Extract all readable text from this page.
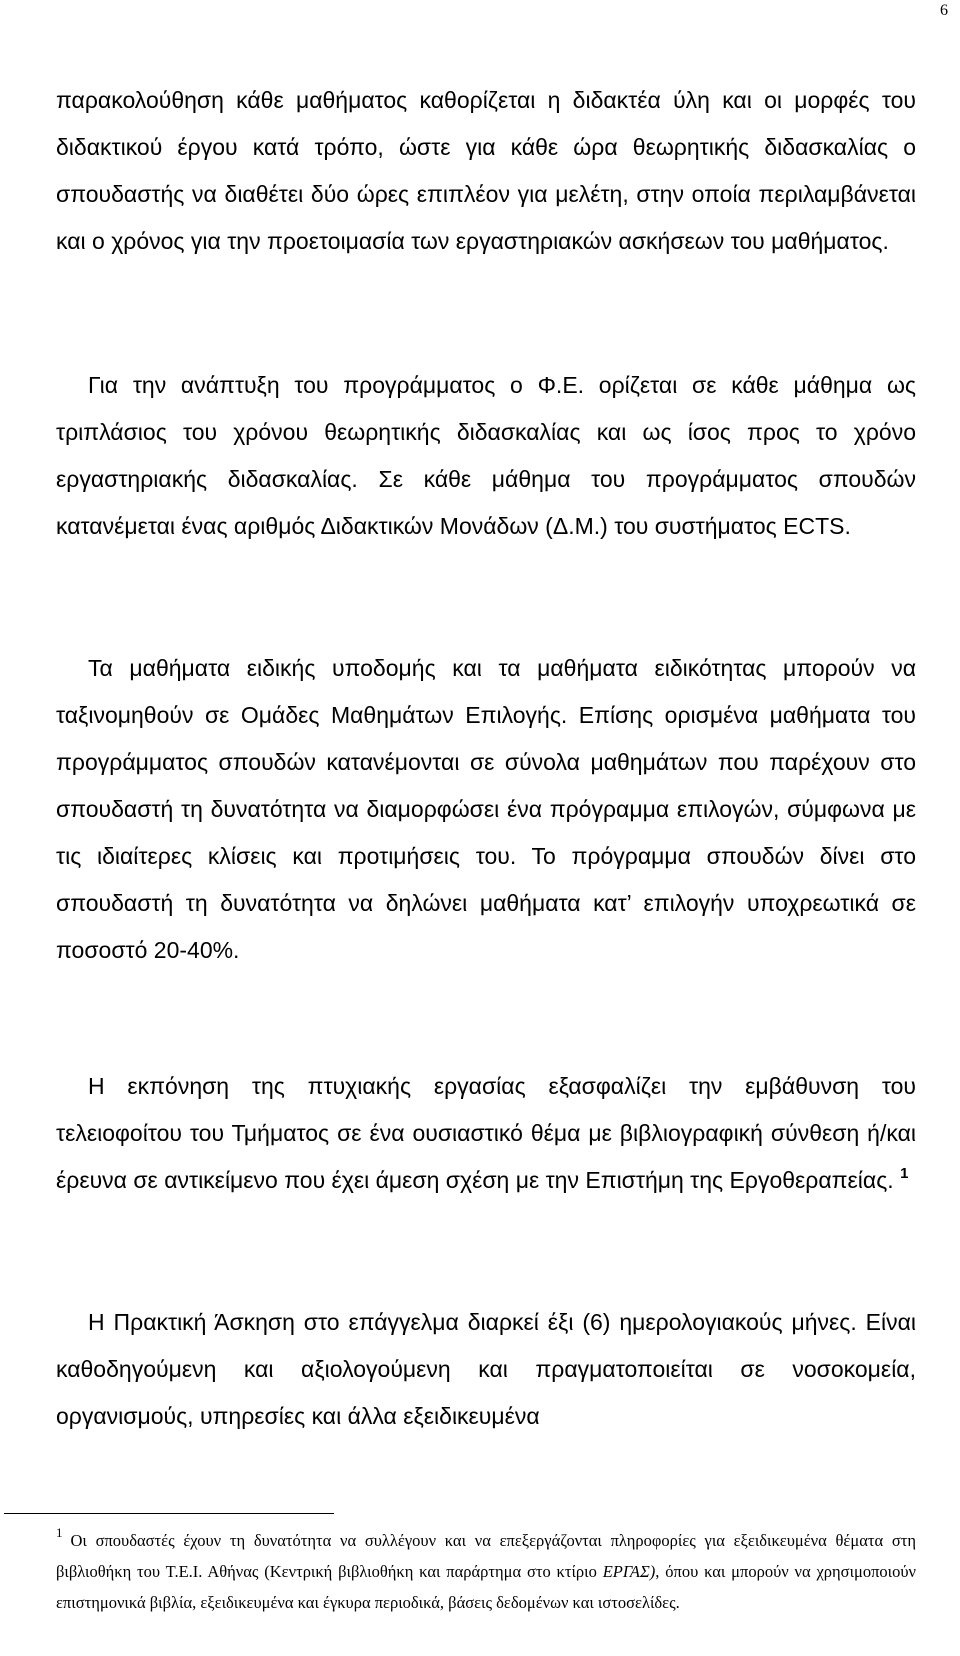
6

παρακολούθηση κάθε μαθήματος καθορίζεται η διδακτέα ύλη και οι μορφές του διδακτικού έργου κατά τρόπο, ώστε για κάθε ώρα θεωρητικής διδασκαλίας ο σπουδαστής να διαθέτει δύο ώρες επιπλέον για μελέτη, στην οποία περιλαμβάνεται και ο χρόνος για την προετοιμασία των εργαστηριακών ασκήσεων του μαθήματος.

Για την ανάπτυξη του προγράμματος ο Φ.Ε. ορίζεται σε κάθε μάθημα ως τριπλάσιος του χρόνου θεωρητικής διδασκαλίας και ως ίσος προς το χρόνο εργαστηριακής διδασκαλίας. Σε κάθε μάθημα του προγράμματος σπουδών κατανέμεται ένας αριθμός Διδακτικών Μονάδων (Δ.Μ.) του συστήματος ECTS.

Τα μαθήματα ειδικής υποδομής και τα μαθήματα ειδικότητας μπορούν να ταξινομηθούν σε Ομάδες Μαθημάτων Επιλογής. Επίσης ορισμένα μαθήματα του προγράμματος σπουδών κατανέμονται σε σύνολα μαθημάτων που παρέχουν στο σπουδαστή τη δυνατότητα να διαμορφώσει ένα πρόγραμμα επιλογών, σύμφωνα με τις ιδιαίτερες κλίσεις και προτιμήσεις του. Το πρόγραμμα σπουδών δίνει στο σπουδαστή τη δυνατότητα να δηλώνει μαθήματα κατ’ επιλογήν υποχρεωτικά σε ποσοστό 20-40%.

Η εκπόνηση της πτυχιακής εργασίας εξασφαλίζει την εμβάθυνση του τελειοφοίτου του Τμήματος σε ένα ουσιαστικό θέμα με βιβλιογραφική σύνθεση ή/και έρευνα σε αντικείμενο που έχει άμεση σχέση με την Επιστήμη της Εργοθεραπείας. $^1$

Η Πρακτική Άσκηση στο επάγγελμα διαρκεί έξι (6) ημερολογιακούς μήνες. Είναι καθοδηγούμενη και αξιολογούμενη και πραγματοποιείται σε νοσοκομεία, οργανισμούς, υπηρεσίες και άλλα εξειδικευμένα

$^1$ Οι σπουδαστές έχουν τη δυνατότητα να συλλέγουν και να επεξεργάζονται πληροφορίες για εξειδικευμένα θέματα στη βιβλιοθήκη του Τ.Ε.Ι. Αθήνας (Κεντρική βιβλιοθήκη και παράρτημα στο κτίριο ΕΡΓΑΣ), όπου και μπορούν να χρησιμοποιούν επιστημονικά βιβλία, εξειδικευμένα και έγκυρα περιοδικά, βάσεις δεδομένων και ιστοσελίδες.
